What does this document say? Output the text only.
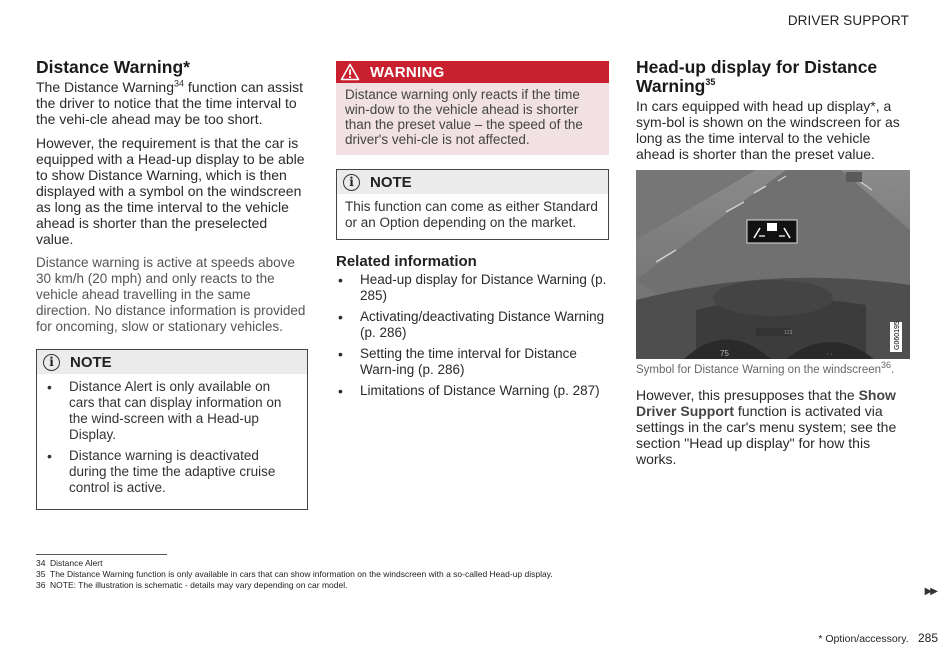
DRIVER SUPPORT
Distance Warning*

The Distance Warning$^{34}$ function can assist the driver to notice that the time interval to the vehi-cle ahead may be too short.

However, the requirement is that the car is equipped with a Head-up display to be able to show Distance Warning, which is then displayed with a symbol on the windscreen as long as the time interval to the vehicle ahead is shorter than the preselected value.

Distance warning is active at speeds above 30 km/h (20 mph) and only reacts to the vehicle ahead travelling in the same direction. No distance information is provided for oncoming, slow or stationary vehicles.

i	NOTE
• Distance Alert is only available on cars that can display information on the wind-screen with a Head-up Display.
• Distance warning is deactivated during the time the adaptive cruise control is active.
WARNING
Distance warning only reacts if the time win-dow to the vehicle ahead is shorter than the preset value – the speed of the driver's vehi-cle is not affected.
i	NOTE
This function can come as either Standard or an Option depending on the market.
Related information
• Head-up display for Distance Warning (p. 285)
• Activating/deactivating Distance Warning (p. 286)
• Setting the time interval for Distance Warn-ing (p. 286)
• Limitations of Distance Warning (p. 287)
Head-up display for Distance Warning$^{35}$

In cars equipped with head up display*, a sym-bol is shown on the windscreen for as long as the time interval to the vehicle ahead is shorter than the preset value.

75	· ·
123	G060195
Symbol for Distance Warning on the windscreen$^{36}$.

However, this presupposes that the Show Driver Support function is activated via settings in the car's menu system; see the section "Head up display" for how this works.

34 Distance Alert
35 The Distance Warning function is only available in cars that can show information on the windscreen with a so-called Head-up display.
36 NOTE: The illustration is schematic - details may vary depending on car model.
▶▶
* Option/accessory. 285
